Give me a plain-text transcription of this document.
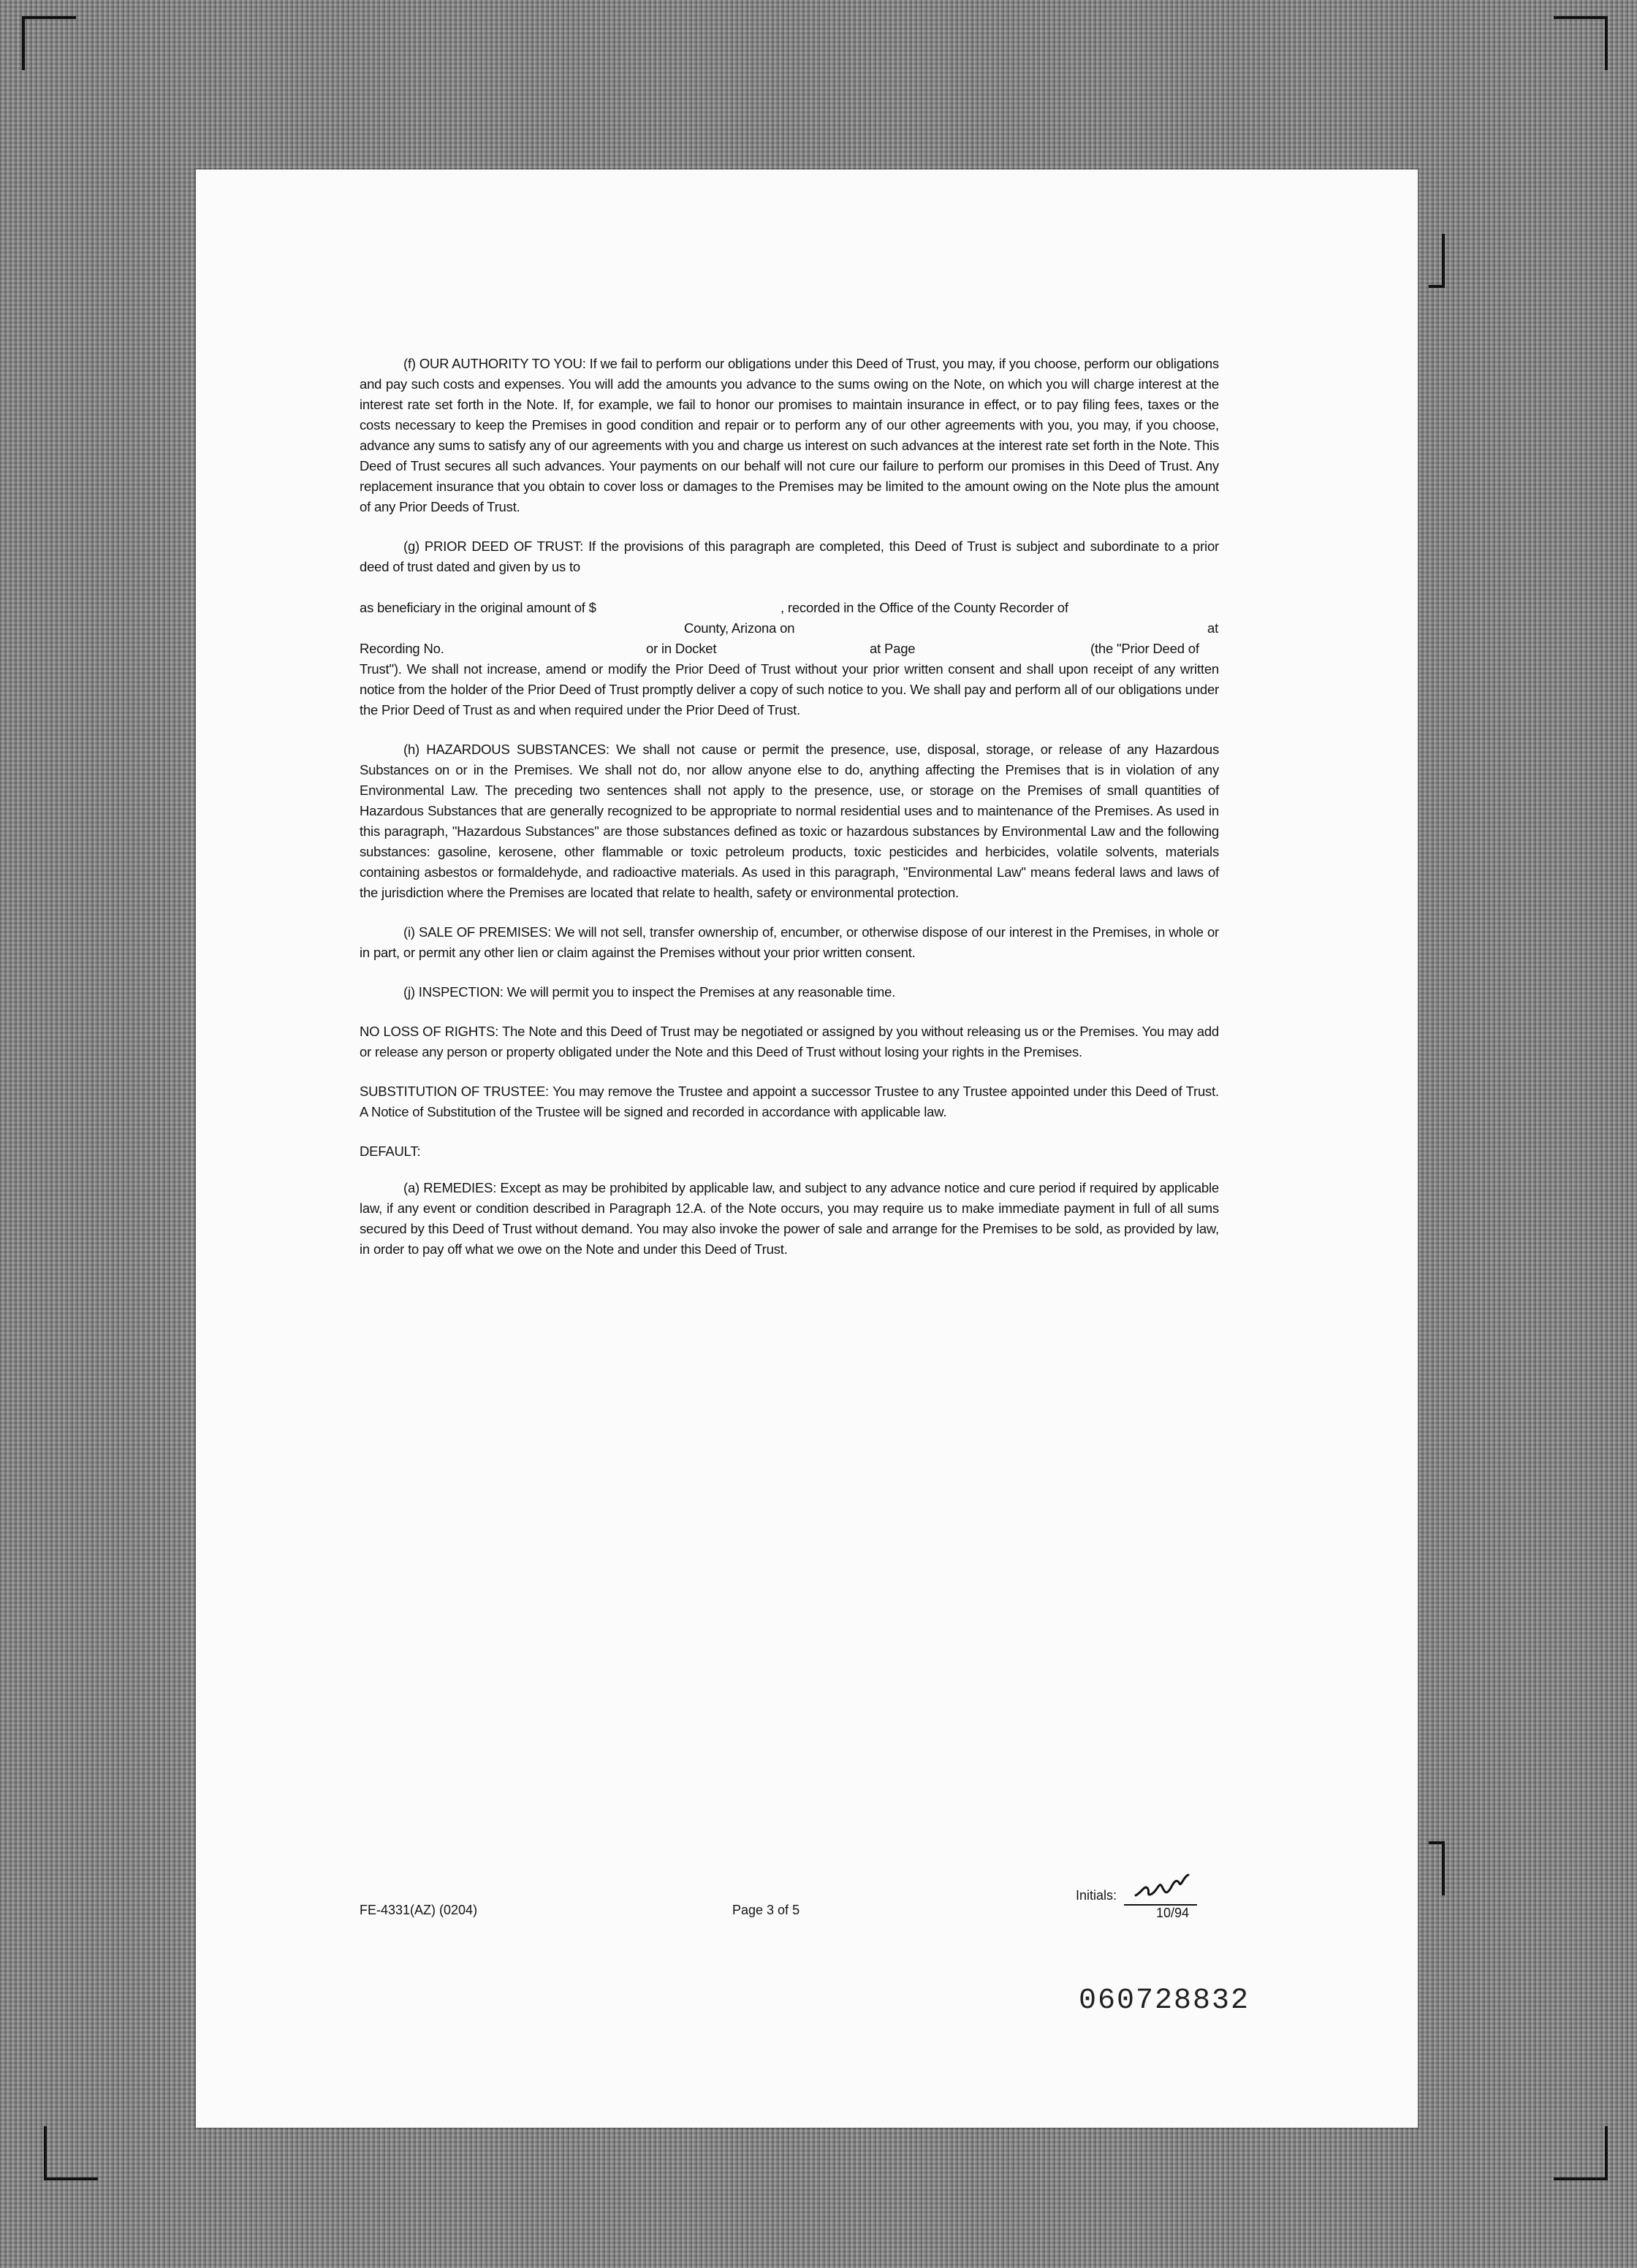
(f) OUR AUTHORITY TO YOU: If we fail to perform our obligations under this Deed of Trust, you may, if you choose, perform our obligations and pay such costs and expenses. You will add the amounts you advance to the sums owing on the Note, on which you will charge interest at the interest rate set forth in the Note. If, for example, we fail to honor our promises to maintain insurance in effect, or to pay filing fees, taxes or the costs necessary to keep the Premises in good condition and repair or to perform any of our other agreements with you, you may, if you choose, advance any sums to satisfy any of our agreements with you and charge us interest on such advances at the interest rate set forth in the Note. This Deed of Trust secures all such advances. Your payments on our behalf will not cure our failure to perform our promises in this Deed of Trust. Any replacement insurance that you obtain to cover loss or damages to the Premises may be limited to the amount owing on the Note plus the amount of any Prior Deeds of Trust.

(g) PRIOR DEED OF TRUST: If the provisions of this paragraph are completed, this Deed of Trust is subject and subordinate to a prior deed of trust dated and given by us to

as beneficiary in the original amount of $	, recorded in the Office of the County Recorder of
County, Arizona on	at
Recording No.	or in Docket	at Page	(the "Prior Deed of

Trust"). We shall not increase, amend or modify the Prior Deed of Trust without your prior written consent and shall upon receipt of any written notice from the holder of the Prior Deed of Trust promptly deliver a copy of such notice to you. We shall pay and perform all of our obligations under the Prior Deed of Trust as and when required under the Prior Deed of Trust.

(h) HAZARDOUS SUBSTANCES: We shall not cause or permit the presence, use, disposal, storage, or release of any Hazardous Substances on or in the Premises. We shall not do, nor allow anyone else to do, anything affecting the Premises that is in violation of any Environmental Law. The preceding two sentences shall not apply to the presence, use, or storage on the Premises of small quantities of Hazardous Substances that are generally recognized to be appropriate to normal residential uses and to maintenance of the Premises. As used in this paragraph, "Hazardous Substances" are those substances defined as toxic or hazardous substances by Environmental Law and the following substances: gasoline, kerosene, other flammable or toxic petroleum products, toxic pesticides and herbicides, volatile solvents, materials containing asbestos or formaldehyde, and radioactive materials. As used in this paragraph, "Environmental Law" means federal laws and laws of the jurisdiction where the Premises are located that relate to health, safety or environmental protection.

(i) SALE OF PREMISES: We will not sell, transfer ownership of, encumber, or otherwise dispose of our interest in the Premises, in whole or in part, or permit any other lien or claim against the Premises without your prior written consent.

(j) INSPECTION: We will permit you to inspect the Premises at any reasonable time.

NO LOSS OF RIGHTS: The Note and this Deed of Trust may be negotiated or assigned by you without releasing us or the Premises. You may add or release any person or property obligated under the Note and this Deed of Trust without losing your rights in the Premises.

SUBSTITUTION OF TRUSTEE: You may remove the Trustee and appoint a successor Trustee to any Trustee appointed under this Deed of Trust. A Notice of Substitution of the Trustee will be signed and recorded in accordance with applicable law.

DEFAULT:

(a) REMEDIES: Except as may be prohibited by applicable law, and subject to any advance notice and cure period if required by applicable law, if any event or condition described in Paragraph 12.A. of the Note occurs, you may require us to make immediate payment in full of all sums secured by this Deed of Trust without demand. You may also invoke the power of sale and arrange for the Premises to be sold, as provided by law, in order to pay off what we owe on the Note and under this Deed of Trust.

FE-4331(AZ) (0204)	Page 3 of 5
Initials:
10/94
060728832
